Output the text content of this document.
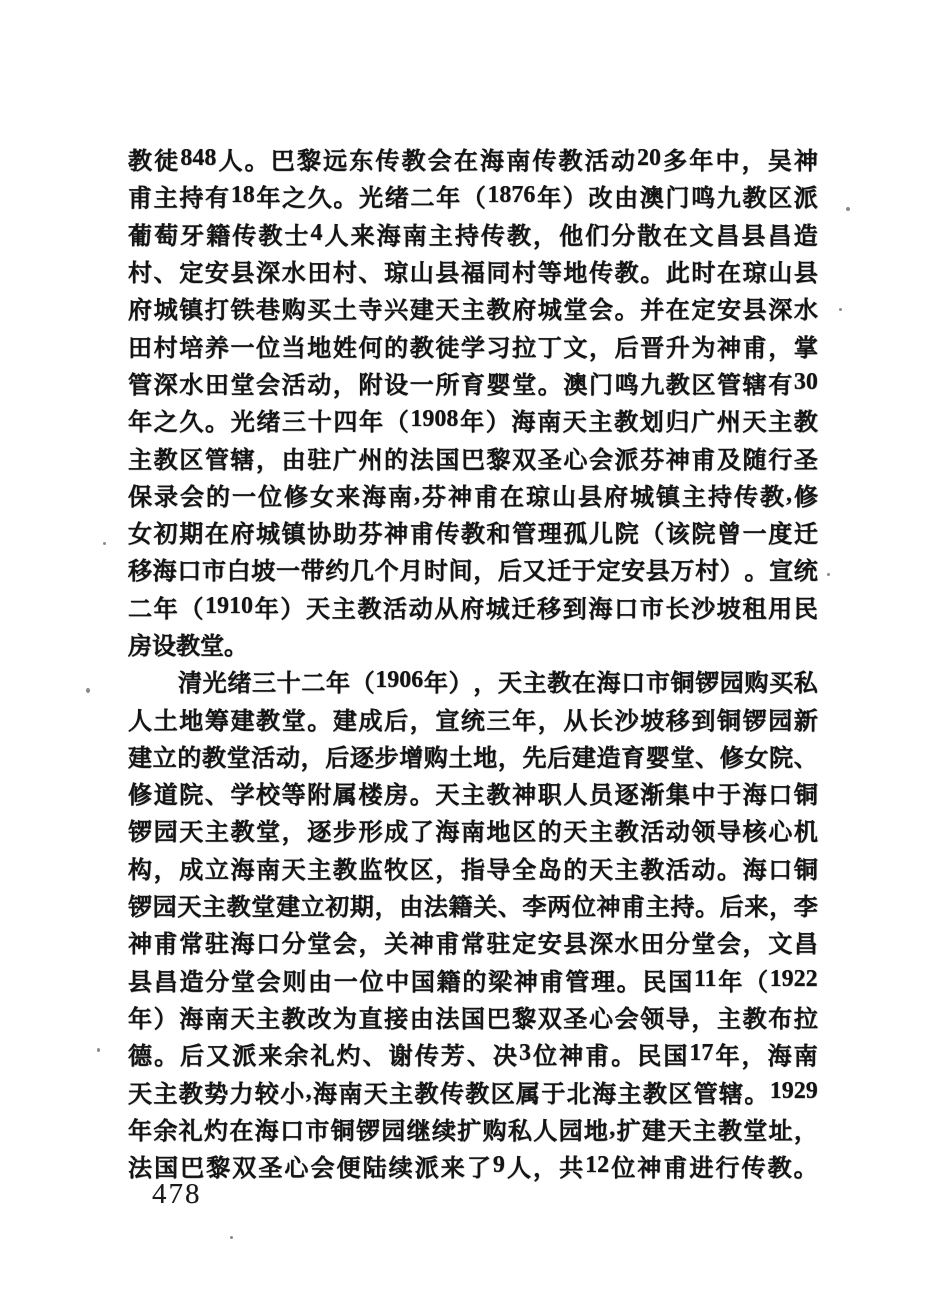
教 徒 848 人 。 巴 黎 远 东 传 教 会 在 海 南 传 教 活 动 20 多 年 中 ， 吴 神
甫 主 持 有 18 年 之 久 。 光 绪 二 年 （ 1876 年 ） 改 由 澳 门 鸣 九 教 区 派
葡 萄 牙 籍 传 教 士 4 人 来 海 南 主 持 传 教 ， 他 们 分 散 在 文 昌 县 昌 造
村 、 定 安 县 深 水 田 村 、 琼 山 县 福 同 村 等 地 传 教 。 此 时 在 琼 山 县
府 城 镇 打 铁 巷 购 买 土 寺 兴 建 天 主 教 府 城 堂 会 。 并 在 定 安 县 深 水
田 村 培 养 一 位 当 地 姓 何 的 教 徒 学 习 拉 丁 文 ， 后 晋 升 为 神 甫 ， 掌
管 深 水 田 堂 会 活 动 ， 附 设 一 所 育 婴 堂 。 澳 门 鸣 九 教 区 管 辖 有 30
年 之 久 。 光 绪 三 十 四 年 （ 1908 年 ） 海 南 天 主 教 划 归 广 州 天 主 教
主 教 区 管 辖 ， 由 驻 广 州 的 法 国 巴 黎 双 圣 心 会 派 芬 神 甫 及 随 行 圣
保 录 会 的 一 位 修 女 来 海 南 , 芬 神 甫 在 琼 山 县 府 城 镇 主 持 传 教 , 修
女 初 期 在 府 城 镇 协 助 芬 神 甫 传 教 和 管 理 孤 儿 院 （ 该 院 曾 一 度 迁
移 海 口 市 白 坡 一 带 约 几 个 月 时 间 ， 后 又 迁 于 定 安 县 万 村 ） 。 宣 统
二 年 （ 1910 年 ） 天 主 教 活 动 从 府 城 迁 移 到 海 口 市 长 沙 坡 租 用 民
房设教堂。
清 光 绪 三 十 二 年 （ 1906 年 ） ， 天 主 教 在 海 口 市 铜 锣 园 购 买 私
人 土 地 筹 建 教 堂 。 建 成 后 ， 宣 统 三 年 ， 从 长 沙 坡 移 到 铜 锣 园 新
建 立 的 教 堂 活 动 ， 后 逐 步 增 购 土 地 ， 先 后 建 造 育 婴 堂 、 修 女 院 、
修 道 院 、 学 校 等 附 属 楼 房 。 天 主 教 神 职 人 员 逐 渐 集 中 于 海 口 铜
锣 园 天 主 教 堂 ， 逐 步 形 成 了 海 南 地 区 的 天 主 教 活 动 领 导 核 心 机
构 ， 成 立 海 南 天 主 教 监 牧 区 ， 指 导 全 岛 的 天 主 教 活 动 。 海 口 铜
锣 园 天 主 教 堂 建 立 初 期 ， 由 法 籍 关 、 李 两 位 神 甫 主 持 。 后 来 ， 李
神 甫 常 驻 海 口 分 堂 会 ， 关 神 甫 常 驻 定 安 县 深 水 田 分 堂 会 ， 文 昌
县 昌 造 分 堂 会 则 由 一 位 中 国 籍 的 梁 神 甫 管 理 。 民 国 11 年 （ 1922
年 ） 海 南 天 主 教 改 为 直 接 由 法 国 巴 黎 双 圣 心 会 领 导 ， 主 教 布 拉
德 。 后 又 派 来 余 礼 灼 、 谢 传 芳 、 决 3 位 神 甫 。 民 国 17 年 ， 海 南
天 主 教 势 力 较 小 , 海 南 天 主 教 传 教 区 属 于 北 海 主 教 区 管 辖 。 1929
年 余 礼 灼 在 海 口 市 铜 锣 园 继 续 扩 购 私 人 园 地 , 扩 建 天 主 教 堂 址 ，
法 国 巴 黎 双 圣 心 会 便 陆 续 派 来 了 9 人 ， 共 12 位 神 甫 进 行 传 教 。
478
